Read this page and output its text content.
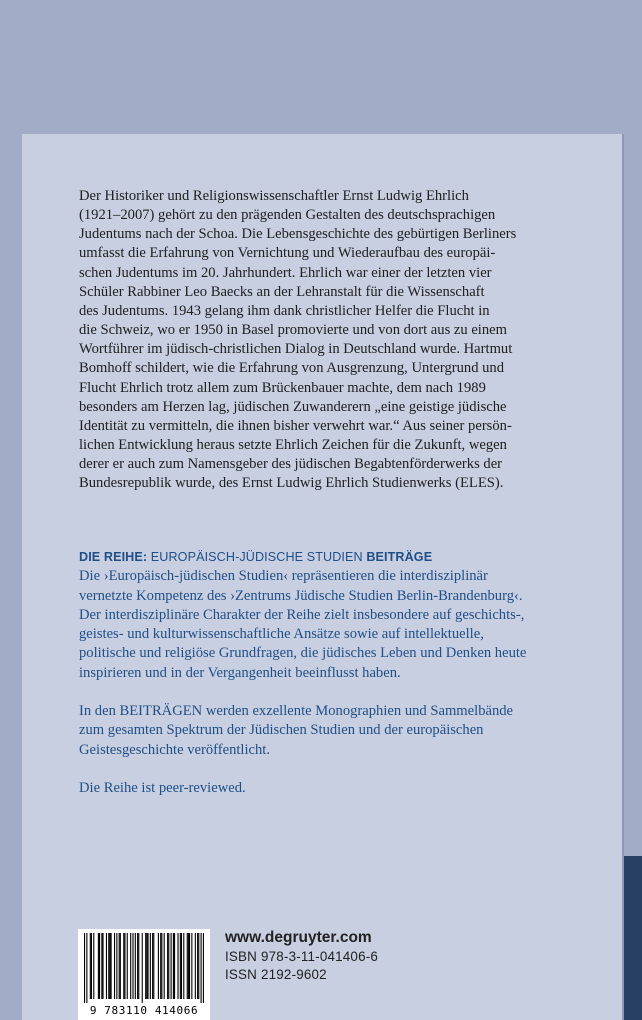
Der Historiker und Religionswissenschaftler Ernst Ludwig Ehrlich

(1921–2007) gehört zu den prägenden Gestalten des deutschsprachigen

Judentums nach der Schoa. Die Lebensgeschichte des gebürtigen Berliners

umfasst die Erfahrung von Vernichtung und Wiederaufbau des europäi-

schen Judentums im 20. Jahrhundert. Ehrlich war einer der letzten vier

Schüler Rabbiner Leo Baecks an der Lehranstalt für die Wissenschaft

des Judentums. 1943 gelang ihm dank christlicher Helfer die Flucht in

die Schweiz, wo er 1950 in Basel promovierte und von dort aus zu einem

Wortführer im jüdisch-christlichen Dialog in Deutschland wurde. Hartmut

Bomhoff schildert, wie die Erfahrung von Ausgrenzung, Untergrund und

Flucht Ehrlich trotz allem zum Brückenbauer machte, dem nach 1989

besonders am Herzen lag, jüdischen Zuwanderern „eine geistige jüdische

Identität zu vermitteln, die ihnen bisher verwehrt war.“ Aus seiner persön-

lichen Entwicklung heraus setzte Ehrlich Zeichen für die Zukunft, wegen

derer er auch zum Namensgeber des jüdischen Begabtenförderwerks der

Bundesrepublik wurde, des Ernst Ludwig Ehrlich Studienwerks (ELES).

DIE REIHE: EUROPÄISCH-JÜDISCHE STUDIEN BEITRÄGE

Die ›Europäisch-jüdischen Studien‹ repräsentieren die interdisziplinär

vernetzte Kompetenz des ›Zentrums Jüdische Studien Berlin-Brandenburg‹.

Der interdisziplinäre Charakter der Reihe zielt insbesondere auf geschichts-,

geistes- und kulturwissenschaftliche Ansätze sowie auf intellektuelle,

politische und religiöse Grundfragen, die jüdisches Leben und Denken heute

inspirieren und in der Vergangenheit beeinflusst haben.

In den BEITRÄGEN werden exzellente Monographien und Sammelbände

zum gesamten Spektrum der Jüdischen Studien und der europäischen

Geistesgeschichte veröffentlicht.

Die Reihe ist peer-reviewed.

9 783110 414066
www.degruyter.com
ISBN 978-3-11-041406-6
ISSN 2192-9602
